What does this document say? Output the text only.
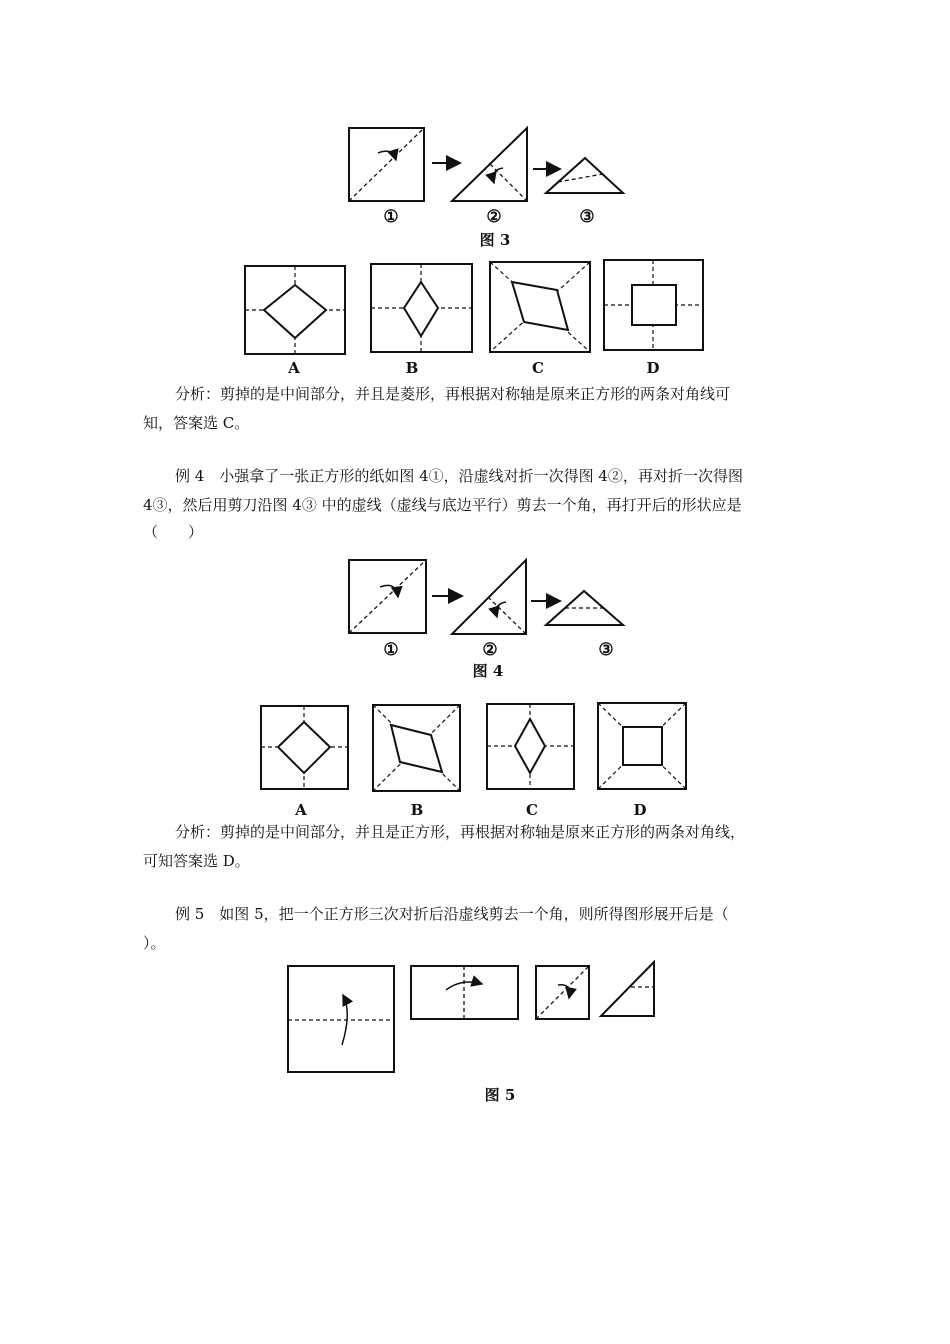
①	②	③
图 3
A	B	C	D

分析：剪掉的是中间部分，并且是菱形，再根据对称轴是原来正方形的两条对角线可

知，答案选 C。

例 4　小强拿了一张正方形的纸如图 4①，沿虚线对折一次得图 4②，再对折一次得图

4③，然后用剪刀沿图 4③ 中的虚线（虚线与底边平行）剪去一个角，再打开后的形状应是

（　　）

①	②	③
图 4
A	B	C	D

分析：剪掉的是中间部分，并且是正方形，再根据对称轴是原来正方形的两条对角线，

可知答案选 D。

例 5　如图 5，把一个正方形三次对折后沿虚线剪去一个角，则所得图形展开后是（

）。

图 5
